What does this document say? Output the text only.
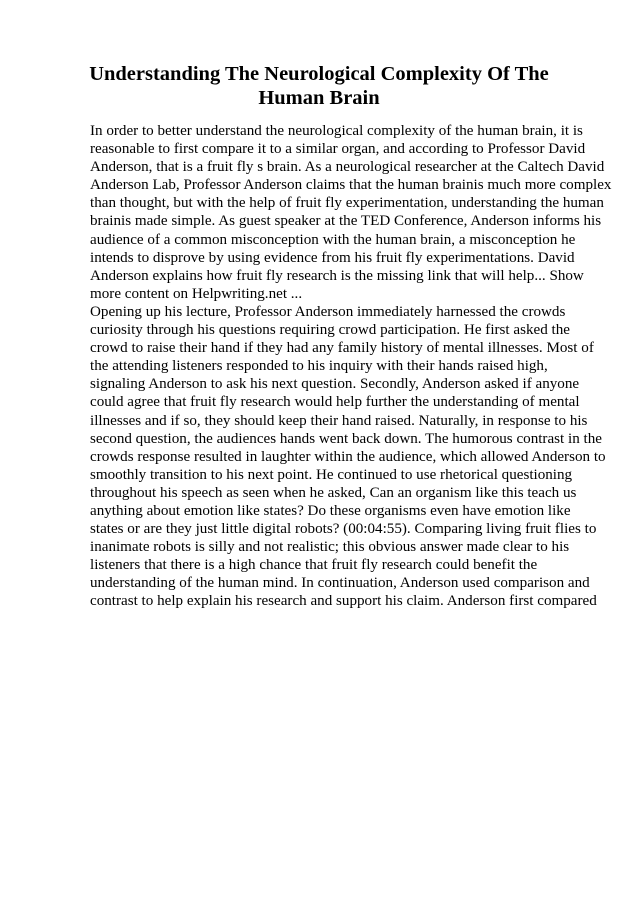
Understanding The Neurological Complexity Of The Human Brain
In order to better understand the neurological complexity of the human brain, it is
reasonable to first compare it to a similar organ, and according to Professor David
Anderson, that is a fruit fly s brain. As a neurological researcher at the Caltech David
Anderson Lab, Professor Anderson claims that the human brainis much more complex
than thought, but with the help of fruit fly experimentation, understanding the human
brainis made simple. As guest speaker at the TED Conference, Anderson informs his
audience of a common misconception with the human brain, a misconception he
intends to disprove by using evidence from his fruit fly experimentations. David
Anderson explains how fruit fly research is the missing link that will help... Show
more content on Helpwriting.net ...
Opening up his lecture, Professor Anderson immediately harnessed the crowds
curiosity through his questions requiring crowd participation. He first asked the
crowd to raise their hand if they had any family history of mental illnesses. Most of
the attending listeners responded to his inquiry with their hands raised high,
signaling Anderson to ask his next question. Secondly, Anderson asked if anyone
could agree that fruit fly research would help further the understanding of mental
illnesses and if so, they should keep their hand raised. Naturally, in response to his
second question, the audiences hands went back down. The humorous contrast in the
crowds response resulted in laughter within the audience, which allowed Anderson to
smoothly transition to his next point. He continued to use rhetorical questioning
throughout his speech as seen when he asked, Can an organism like this teach us
anything about emotion like states? Do these organisms even have emotion like
states or are they just little digital robots? (00:04:55). Comparing living fruit flies to
inanimate robots is silly and not realistic; this obvious answer made clear to his
listeners that there is a high chance that fruit fly research could benefit the
understanding of the human mind. In continuation, Anderson used comparison and
contrast to help explain his research and support his claim. Anderson first compared
